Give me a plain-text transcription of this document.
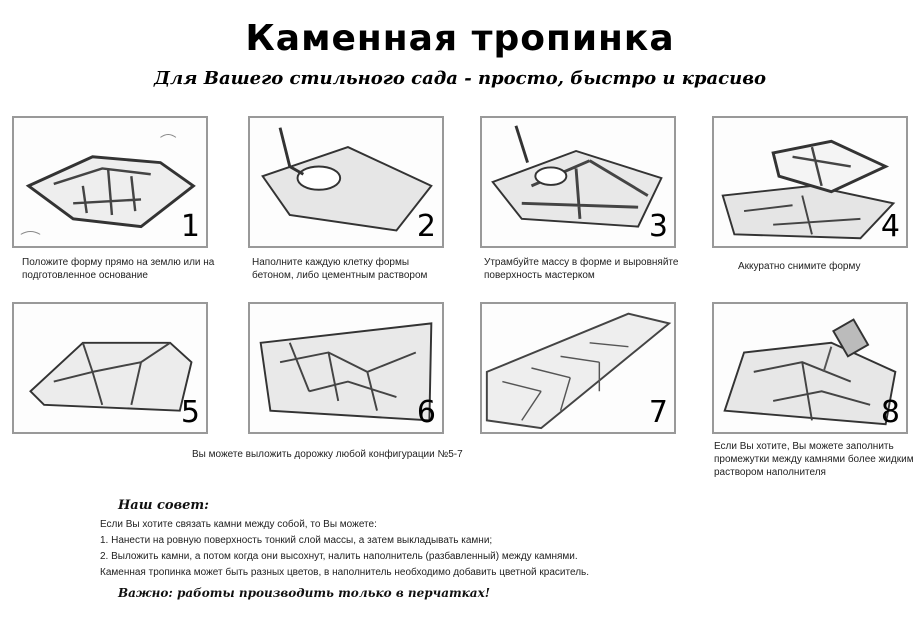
Каменная тропинка
Для Вашего стильного сада - просто, быстро и красиво
1	2	3	4
Положите форму прямо на землю или на подготовленное основание
Наполните каждую клетку формы бетоном, либо цементным раствором
Утрамбуйте массу в форме и выровняйте поверхность мастерком
Аккуратно снимите форму
5	6	7	8
Вы можете выложить дорожку любой конфигурации №5-7
Если Вы хотите, Вы можете заполнить промежутки между камнями более жидким раствором наполнителя
Наш совет:
Если Вы хотите связать камни между собой, то Вы можете:
1. Нанести на ровную поверхность тонкий слой массы, а затем выкладывать камни;
2. Выложить камни, а потом когда они высохнут, налить наполнитель (разбавленный) между камнями.
Каменная тропинка может быть разных цветов, в наполнитель необходимо добавить цветной краситель.
Важно: работы производить только в перчатках!
